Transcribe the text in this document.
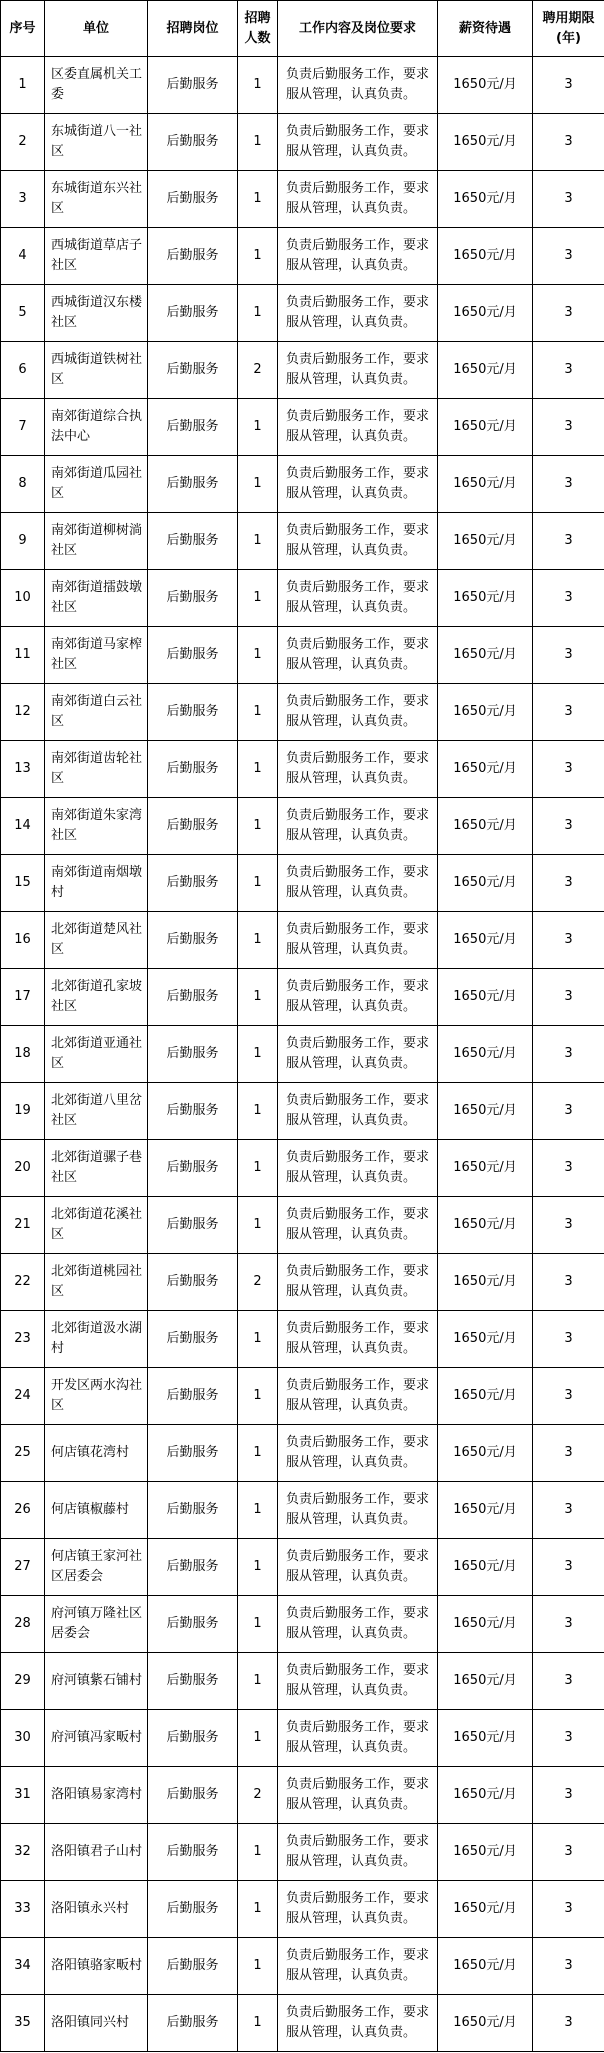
序号	单位	招聘岗位	招聘人数	工作内容及岗位要求	薪资待遇	聘用期限(年)
1	区委直属机关工委	后勤服务	1	负责后勤服务工作，要求服从管理，认真负责。	1650元/月	3
2	东城街道八一社区	后勤服务	1	负责后勤服务工作，要求服从管理，认真负责。	1650元/月	3
3	东城街道东兴社区	后勤服务	1	负责后勤服务工作，要求服从管理，认真负责。	1650元/月	3
4	西城街道草店子社区	后勤服务	1	负责后勤服务工作，要求服从管理，认真负责。	1650元/月	3
5	西城街道汉东楼社区	后勤服务	1	负责后勤服务工作，要求服从管理，认真负责。	1650元/月	3
6	西城街道铁树社区	后勤服务	2	负责后勤服务工作，要求服从管理，认真负责。	1650元/月	3
7	南郊街道综合执法中心	后勤服务	1	负责后勤服务工作，要求服从管理，认真负责。	1650元/月	3
8	南郊街道瓜园社区	后勤服务	1	负责后勤服务工作，要求服从管理，认真负责。	1650元/月	3
9	南郊街道柳树淌社区	后勤服务	1	负责后勤服务工作，要求服从管理，认真负责。	1650元/月	3
10	南郊街道擂鼓墩社区	后勤服务	1	负责后勤服务工作，要求服从管理，认真负责。	1650元/月	3
11	南郊街道马家榨社区	后勤服务	1	负责后勤服务工作，要求服从管理，认真负责。	1650元/月	3
12	南郊街道白云社区	后勤服务	1	负责后勤服务工作，要求服从管理，认真负责。	1650元/月	3
13	南郊街道齿轮社区	后勤服务	1	负责后勤服务工作，要求服从管理，认真负责。	1650元/月	3
14	南郊街道朱家湾社区	后勤服务	1	负责后勤服务工作，要求服从管理，认真负责。	1650元/月	3
15	南郊街道南烟墩村	后勤服务	1	负责后勤服务工作，要求服从管理，认真负责。	1650元/月	3
16	北郊街道楚风社区	后勤服务	1	负责后勤服务工作，要求服从管理，认真负责。	1650元/月	3
17	北郊街道孔家坡社区	后勤服务	1	负责后勤服务工作，要求服从管理，认真负责。	1650元/月	3
18	北郊街道亚通社区	后勤服务	1	负责后勤服务工作，要求服从管理，认真负责。	1650元/月	3
19	北郊街道八里岔社区	后勤服务	1	负责后勤服务工作，要求服从管理，认真负责。	1650元/月	3
20	北郊街道骡子巷社区	后勤服务	1	负责后勤服务工作，要求服从管理，认真负责。	1650元/月	3
21	北郊街道花溪社区	后勤服务	1	负责后勤服务工作，要求服从管理，认真负责。	1650元/月	3
22	北郊街道桃园社区	后勤服务	2	负责后勤服务工作，要求服从管理，认真负责。	1650元/月	3
23	北郊街道汲水湖村	后勤服务	1	负责后勤服务工作，要求服从管理，认真负责。	1650元/月	3
24	开发区两水沟社区	后勤服务	1	负责后勤服务工作，要求服从管理，认真负责。	1650元/月	3
25	何店镇花湾村	后勤服务	1	负责后勤服务工作，要求服从管理，认真负责。	1650元/月	3
26	何店镇椒藤村	后勤服务	1	负责后勤服务工作，要求服从管理，认真负责。	1650元/月	3
27	何店镇王家河社区居委会	后勤服务	1	负责后勤服务工作，要求服从管理，认真负责。	1650元/月	3
28	府河镇万隆社区居委会	后勤服务	1	负责后勤服务工作，要求服从管理，认真负责。	1650元/月	3
29	府河镇紫石铺村	后勤服务	1	负责后勤服务工作，要求服从管理，认真负责。	1650元/月	3
30	府河镇冯家畈村	后勤服务	1	负责后勤服务工作，要求服从管理，认真负责。	1650元/月	3
31	洛阳镇易家湾村	后勤服务	2	负责后勤服务工作，要求服从管理，认真负责。	1650元/月	3
32	洛阳镇君子山村	后勤服务	1	负责后勤服务工作，要求服从管理，认真负责。	1650元/月	3
33	洛阳镇永兴村	后勤服务	1	负责后勤服务工作，要求服从管理，认真负责。	1650元/月	3
34	洛阳镇骆家畈村	后勤服务	1	负责后勤服务工作，要求服从管理，认真负责。	1650元/月	3
35	洛阳镇同兴村	后勤服务	1	负责后勤服务工作，要求服从管理，认真负责。	1650元/月	3
